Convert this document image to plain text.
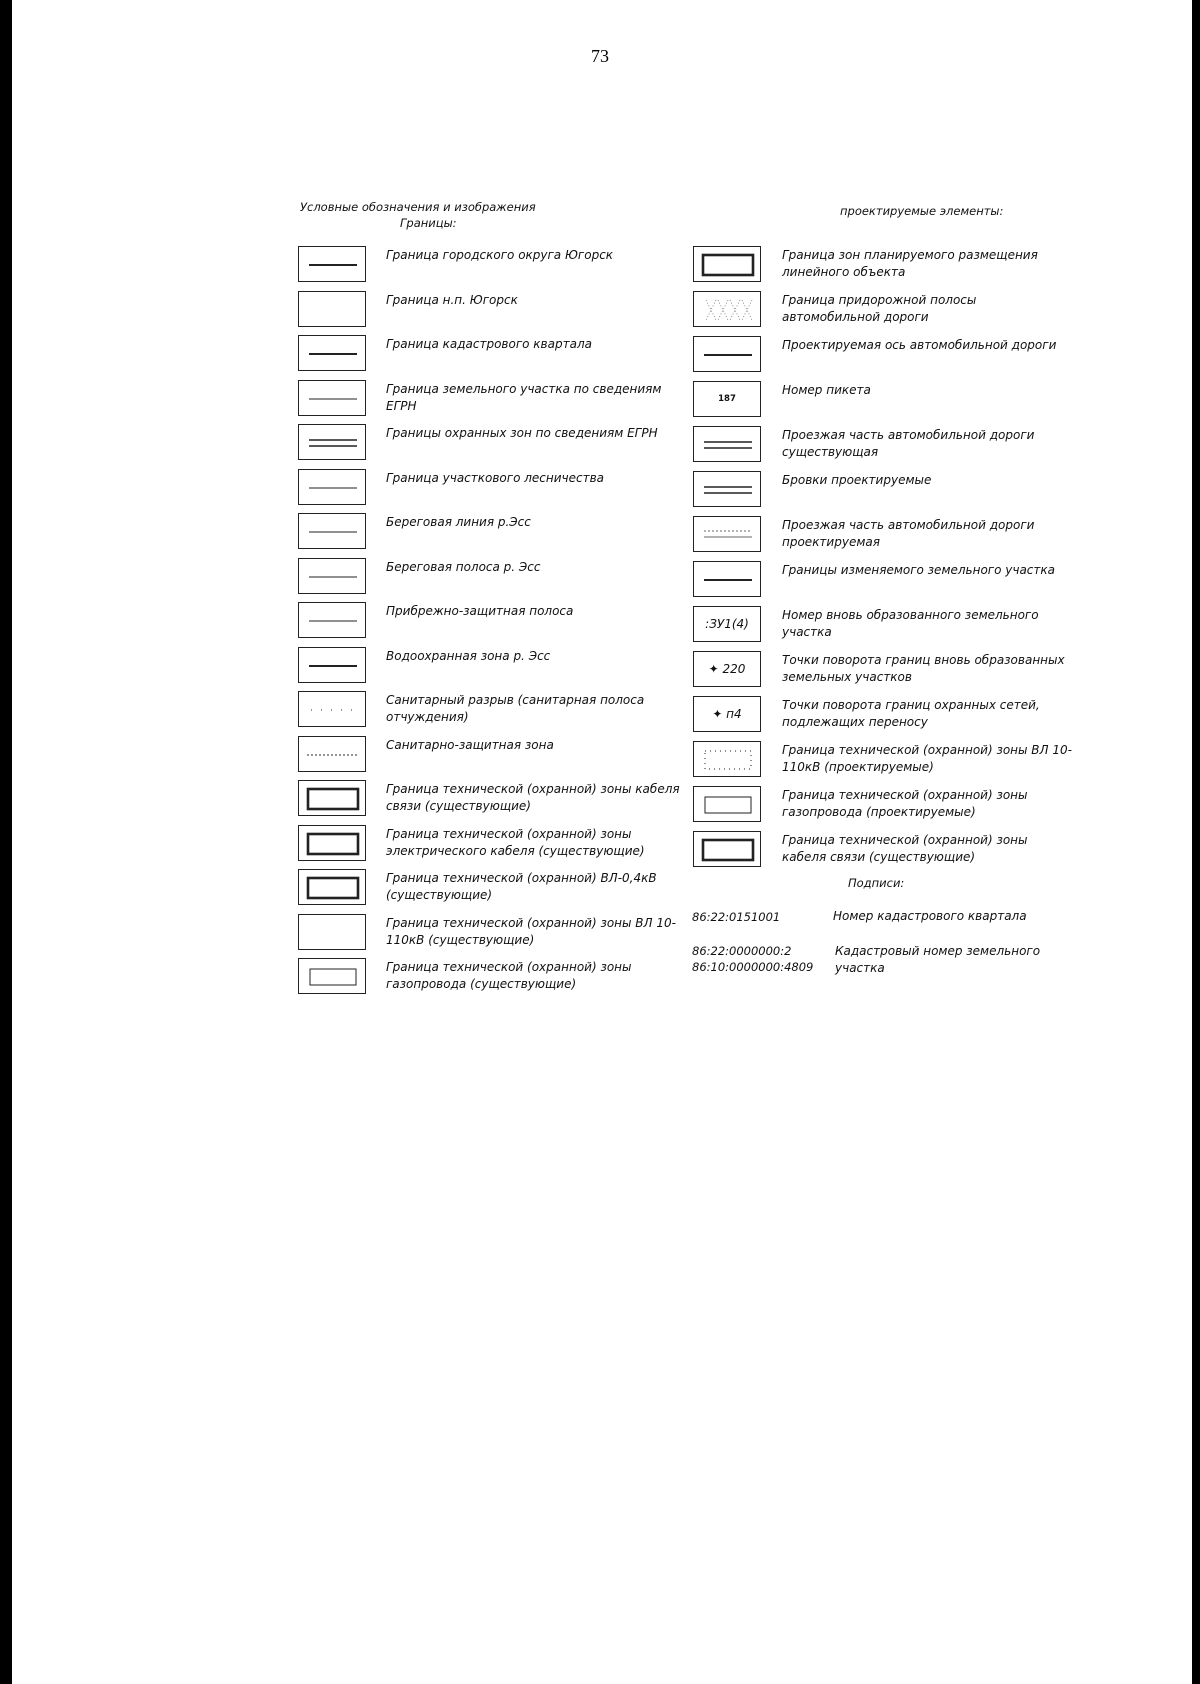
73
Условные обозначения и изображения
Границы:
проектируемые элементы:
Подписи:
Граница городского округа Югорск
Граница н.п. Югорск
Граница кадастрового квартала
Граница земельного участка по сведениям ЕГРН
Границы охранных зон по сведениям ЕГРН
Граница участкового лесничества
Береговая линия р.Эсс
Береговая полоса р. Эсс
Прибрежно-защитная полоса
Водоохранная зона р. Эсс
Санитарный разрыв (санитарная полоса отчуждения)
Санитарно-защитная зона
Граница технической (охранной) зоны кабеля связи (существующие)
Граница технической (охранной) зоны электрического кабеля (существующие)
Граница технической (охранной) ВЛ-0,4кВ (существующие)
Граница технической (охранной) зоны ВЛ 10-110кВ (существующие)
Граница технической (охранной) зоны газопровода (существующие)
Граница зон планируемого размещения линейного объекта
Граница придорожной полосы автомобильной дороги
Проектируемая ось автомобильной дороги
187
Номер пикета
Проезжая часть автомобильной дороги существующая
Бровки проектируемые
Проезжая часть автомобильной дороги проектируемая
Границы изменяемого земельного участка
:ЗУ1(4)
Номер вновь образованного земельного участка
✦ 220
Точки поворота границ вновь образованных земельных участков
✦ п4
Точки поворота границ охранных сетей, подлежащих переносу
Граница технической (охранной) зоны ВЛ 10-110кВ (проектируемые)
Граница технической (охранной) зоны газопровода (проектируемые)
Граница технической (охранной) зоны кабеля связи (существующие)
86:22:0151001	Номер кадастрового квартала
86:22:0000000:2
86:10:0000000:4809
Кадастровый номер земельного участка
